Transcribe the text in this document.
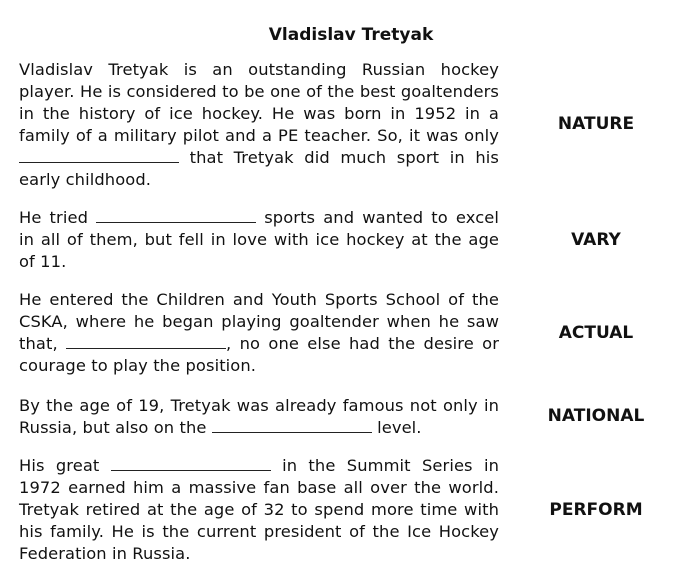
Vladislav Tretyak
Vladislav Tretyak is an outstanding Russian hockey player. He is considered to be one of the best goaltenders in the history of ice hockey. He was born in 1952 in a family of a military pilot and a PE teacher. So, it was only  that Tretyak did much sport in his early childhood.
NATURE
He tried	sports and wanted to excel in all of them, but fell in love with ice hockey at the age of 11.
VARY
He entered the Children and Youth Sports School of the CSKA, where he began playing goaltender when he saw that,	, no one else had the desire or courage to play the position.
ACTUAL
By the age of 19, Tretyak was already famous not only in Russia, but also on the	level.
NATIONAL
His great	in the Summit Series in 1972 earned him a massive fan base all over the world. Tretyak retired at the age of 32 to spend more time with his family. He is the current president of the Ice Hockey Federation in Russia.
PERFORM
